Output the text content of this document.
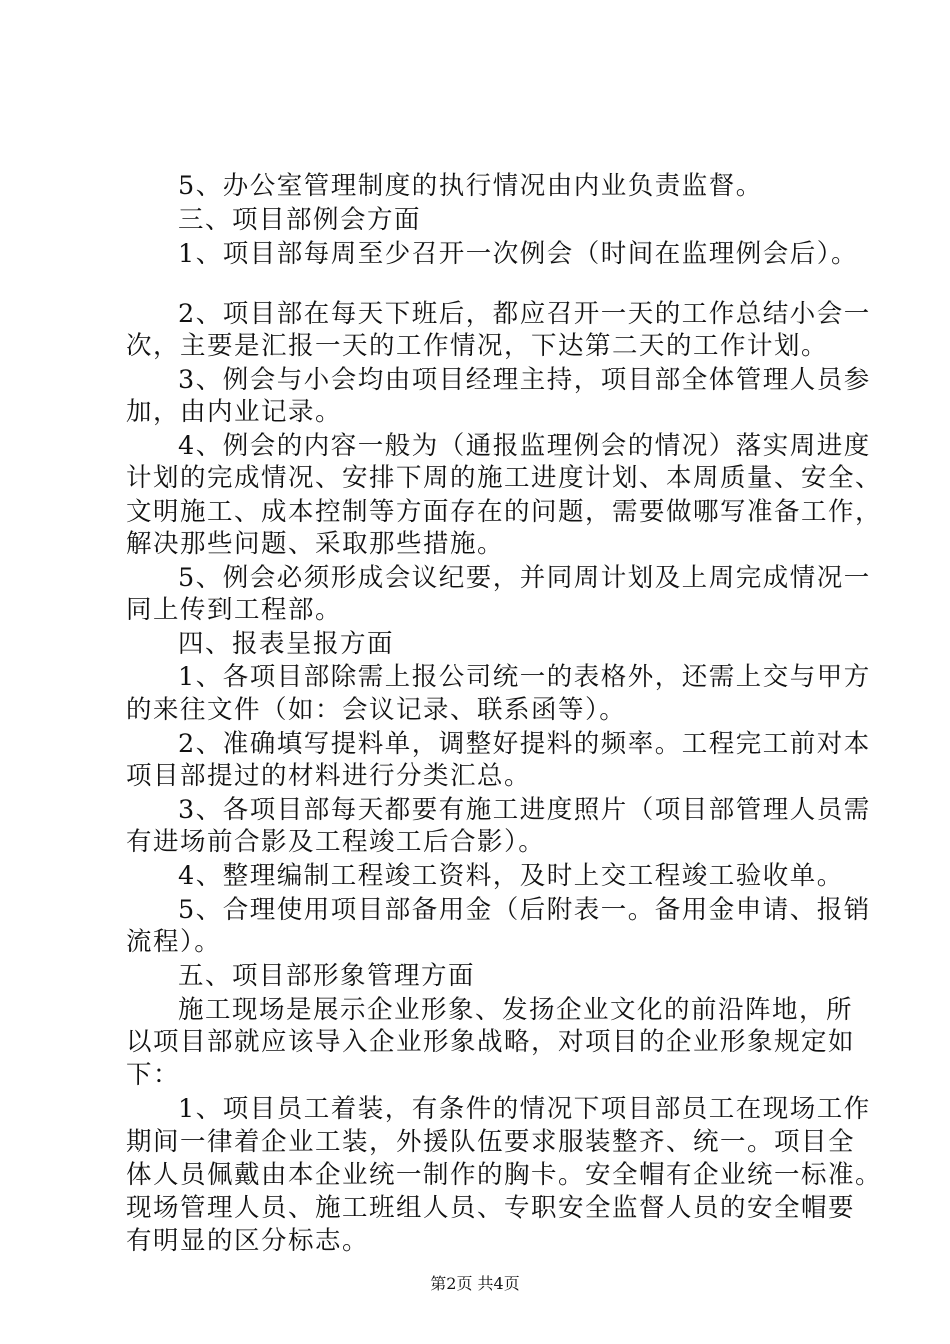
5、办公室管理制度的执行情况由内业负责监督。
三、项目部例会方面
1、项目部每周至少召开一次例会（时间在监理例会后）。
2、项目部在每天下班后，都应召开一天的工作总结小会一
次，主要是汇报一天的工作情况，下达第二天的工作计划。
3、例会与小会均由项目经理主持，项目部全体管理人员参
加，由内业记录。
4、例会的内容一般为（通报监理例会的情况）落实周进度
计划的完成情况、安排下周的施工进度计划、本周质量、安全、
文明施工、成本控制等方面存在的问题，需要做哪写准备工作，
解决那些问题、采取那些措施。
5、例会必须形成会议纪要，并同周计划及上周完成情况一
同上传到工程部。
四、报表呈报方面
1、各项目部除需上报公司统一的表格外，还需上交与甲方
的来往文件（如：会议记录、联系函等）。
2、准确填写提料单，调整好提料的频率。工程完工前对本
项目部提过的材料进行分类汇总。
3、各项目部每天都要有施工进度照片（项目部管理人员需
有进场前合影及工程竣工后合影）。
4、整理编制工程竣工资料，及时上交工程竣工验收单。
5、合理使用项目部备用金（后附表一。备用金申请、报销
流程）。
五、项目部形象管理方面
施工现场是展示企业形象、发扬企业文化的前沿阵地，所
以项目部就应该导入企业形象战略，对项目的企业形象规定如
下：
1、项目员工着装，有条件的情况下项目部员工在现场工作
期间一律着企业工装，外援队伍要求服装整齐、统一。项目全
体人员佩戴由本企业统一制作的胸卡。安全帽有企业统一标准。
现场管理人员、施工班组人员、专职安全监督人员的安全帽要
有明显的区分标志。
第2页 共4页
